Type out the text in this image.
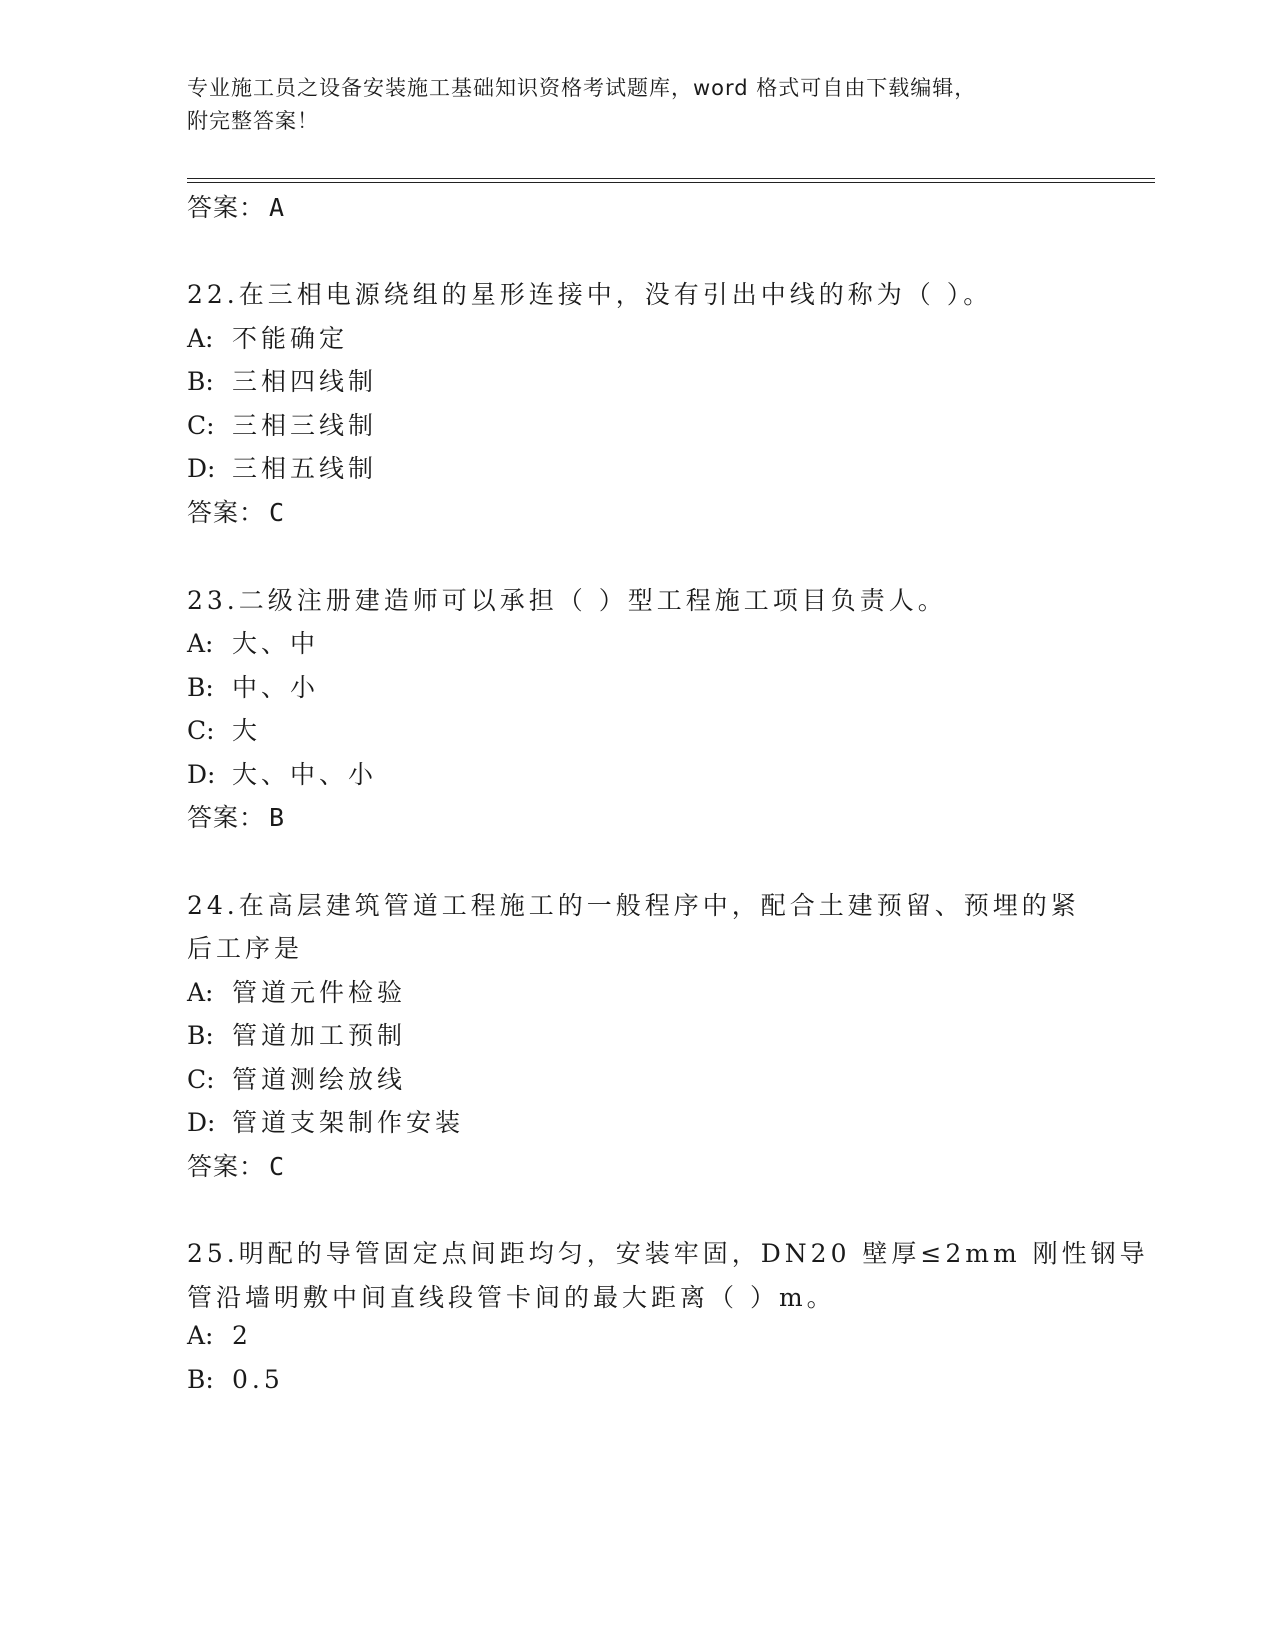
专业施工员之设备安装施工基础知识资格考试题库，word 格式可自由下载编辑，
附完整答案！
答案： A
22.在三相电源绕组的星形连接中，没有引出中线的称为（ ）。
A: 不能确定
B: 三相四线制
C: 三相三线制
D: 三相五线制
答案： C
23.二级注册建造师可以承担（ ）型工程施工项目负责人。
A: 大、中
B: 中、小
C: 大
D: 大、中、小
答案： B
24.在高层建筑管道工程施工的一般程序中，配合土建预留、预埋的紧
后工序是
A: 管道元件检验
B: 管道加工预制
C: 管道测绘放线
D: 管道支架制作安装
答案： C
25.明配的导管固定点间距均匀，安装牢固，DN20 壁厚≤2mm 刚性钢导
管沿墙明敷中间直线段管卡间的最大距离（ ）m。
A: 2
B: 0.5
